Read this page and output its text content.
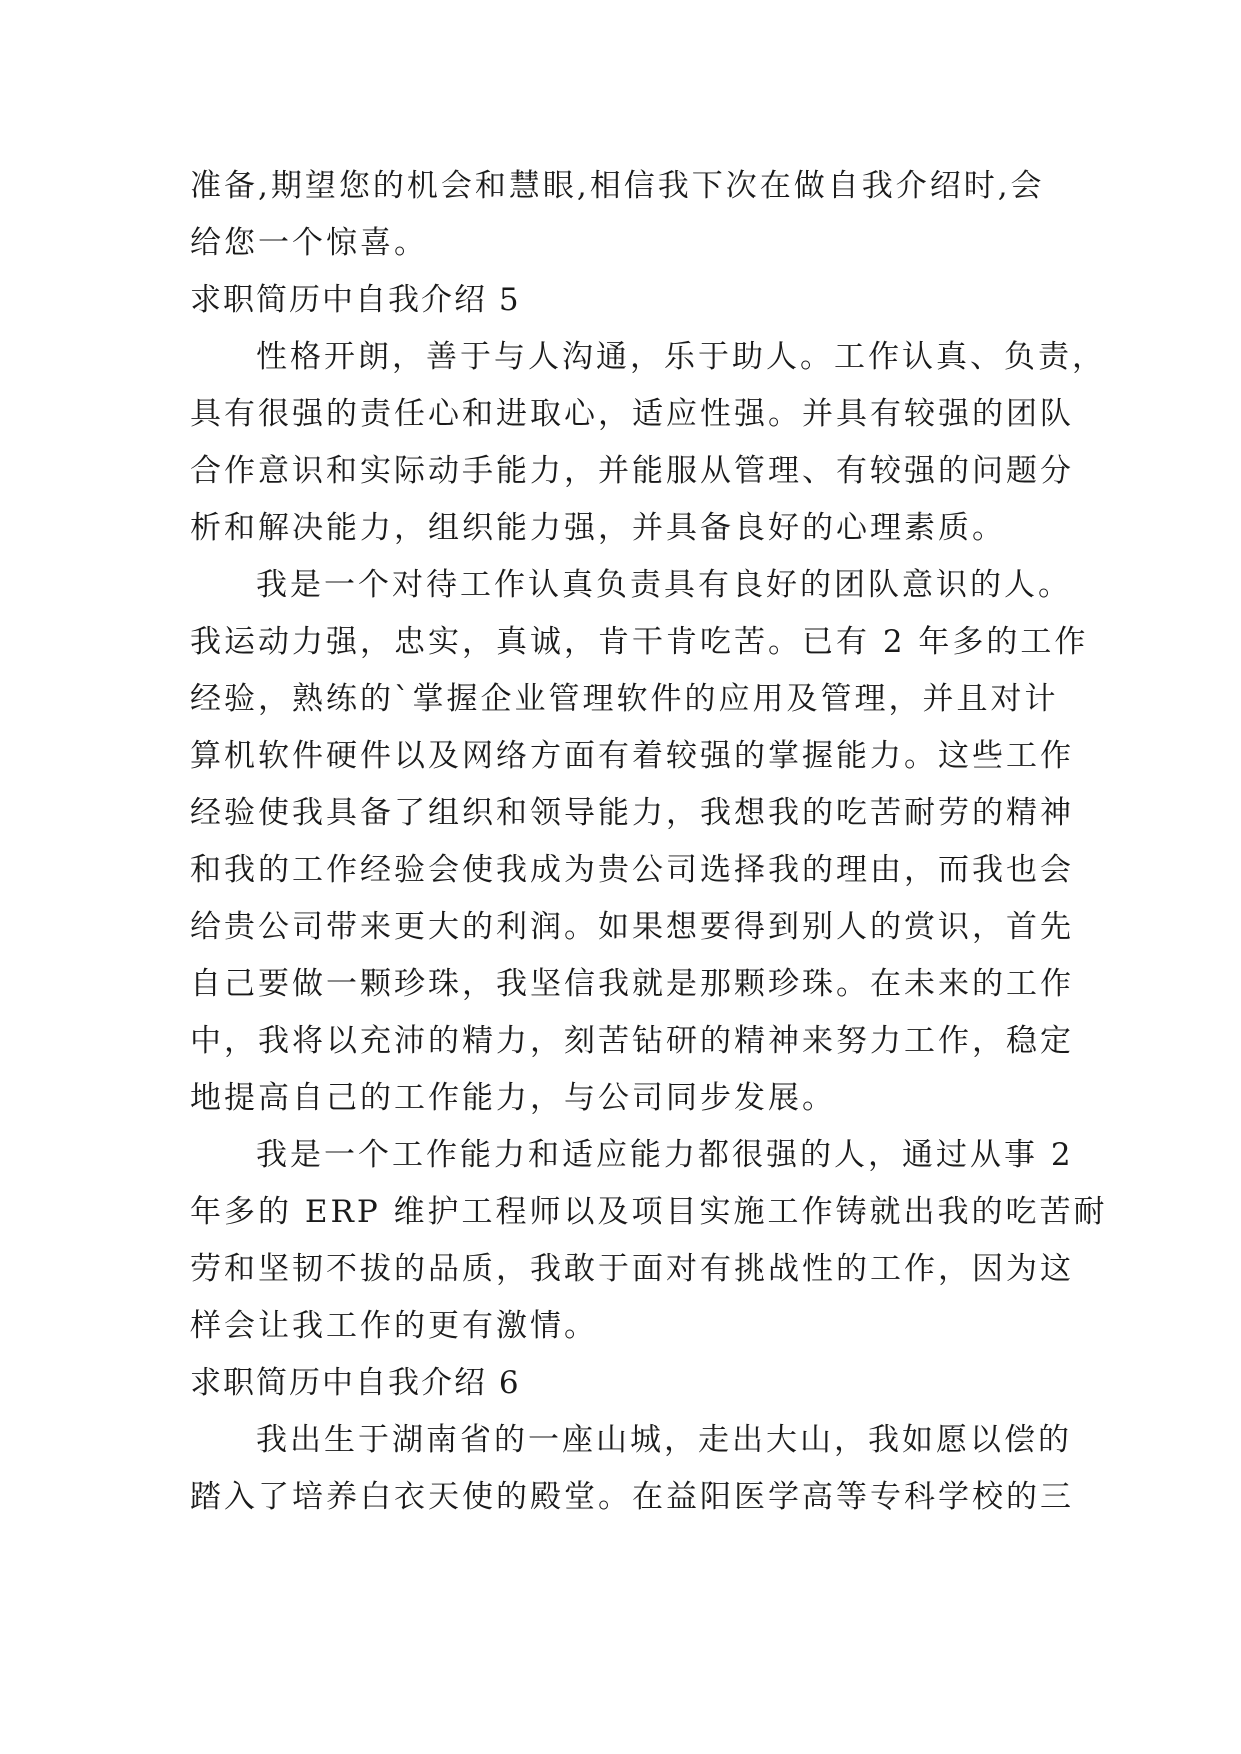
准备,期望您的机会和慧眼,相信我下次在做自我介绍时,会
给您一个惊喜。
求职简历中自我介绍 5
性格开朗，善于与人沟通，乐于助人。工作认真、负责，
具有很强的责任心和进取心，适应性强。并具有较强的团队
合作意识和实际动手能力，并能服从管理、有较强的问题分
析和解决能力，组织能力强，并具备良好的心理素质。
我是一个对待工作认真负责具有良好的团队意识的人。
我运动力强，忠实，真诚，肯干肯吃苦。已有 2 年多的工作
经验，熟练的`掌握企业管理软件的应用及管理，并且对计
算机软件硬件以及网络方面有着较强的掌握能力。这些工作
经验使我具备了组织和领导能力，我想我的吃苦耐劳的精神
和我的工作经验会使我成为贵公司选择我的理由，而我也会
给贵公司带来更大的利润。如果想要得到别人的赏识，首先
自己要做一颗珍珠，我坚信我就是那颗珍珠。在未来的工作
中，我将以充沛的精力，刻苦钻研的精神来努力工作，稳定
地提高自己的工作能力，与公司同步发展。
我是一个工作能力和适应能力都很强的人，通过从事 2
年多的 ERP 维护工程师以及项目实施工作铸就出我的吃苦耐
劳和坚韧不拔的品质，我敢于面对有挑战性的工作，因为这
样会让我工作的更有激情。
求职简历中自我介绍 6
我出生于湖南省的一座山城，走出大山，我如愿以偿的
踏入了培养白衣天使的殿堂。在益阳医学高等专科学校的三
